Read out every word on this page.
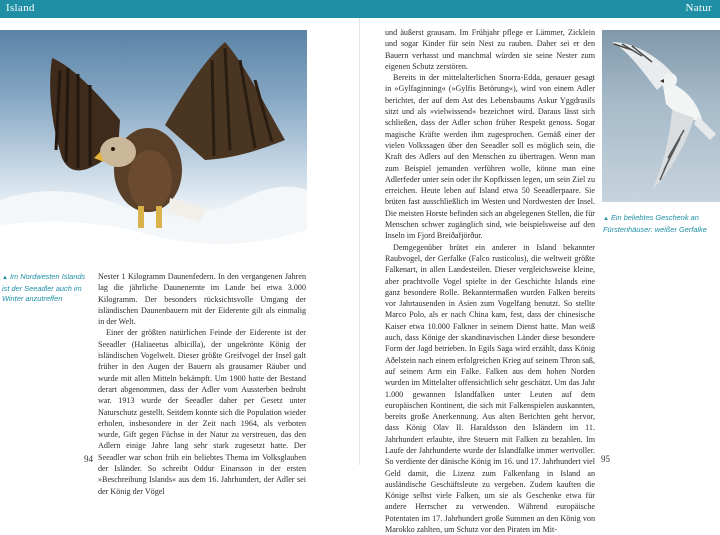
Island	Natur
▲ Im Nordwesten Islands ist der Seeadler auch im Winter anzutreffen

Nester 1 Kilogramm Daunenfedern. In den vergangenen Jahren lag die jährliche Daunenernte im Lande bei etwa 3.000 Kilogramm. Der besonders rücksichtsvolle Umgang der isländischen Daunenbauern mit der Eiderente gilt als einmalig in der Welt.

Einer der größten natürlichen Feinde der Eiderente ist der Seeadler (Haliaeetus albicilla), der ungekrönte König der isländischen Vogelwelt. Dieser größte Greifvogel der Insel galt früher in den Augen der Bauern als grausamer Räuber und wurde mit allen Mitteln bekämpft. Um 1900 hatte der Bestand derart abgenommen, dass der Adler vom Aussterben bedroht war. 1913 wurde der Seeadler daher per Gesetz unter Naturschutz gestellt. Seitdem konnte sich die Population wieder erholen, insbesondere in der Zeit nach 1964, als verboten wurde, Gift gegen Füchse in der Natur zu verstreuen, das den Adlern einige Jahre lang sehr stark zugesetzt hatte. Der Seeadler war schon früh ein beliebtes Thema im Volksglauben der Isländer. So schreibt Oddur Einarsson in der ersten »Beschreibung Islands« aus dem 16. Jahrhundert, der Adler sei der König der Vögel

94

und äußerst grausam. Im Frühjahr pflege er Lämmer, Zicklein und sogar Kinder für sein Nest zu rauben. Daher sei er den Bauern verhasst und manchmal würden sie seine Nester zum eigenen Schutz zerstören.

Bereits in der mittelalterlichen Snorra-Edda, genauer gesagt in »Gylfaginning« (»Gylfis Betörung«), wird von einem Adler berichtet, der auf dem Ast des Lebensbaums Askur Yggdrasils sitzt und als »vielwissend« bezeichnet wird. Daraus lässt sich schließen, dass der Adler schon früher Respekt genoss. Sogar magische Kräfte werden ihm zugesprochen. Gemäß einer der vielen Volkssagen über den Seeadler soll es möglich sein, die Kraft des Adlers auf den Menschen zu übertragen. Wenn man zum Beispiel jemanden verführen wolle, könne man eine Adlerfeder unter sein oder ihr Kopfkissen legen, um sein Ziel zu erreichen. Heute leben auf Island etwa 50 Seeadlerpaare. Sie brüten fast ausschließlich im Westen und Nordwesten der Insel. Die meisten Horste befinden sich an abgelegenen Stellen, die für Menschen schwer zugänglich sind, wie beispielsweise auf den Inseln im Fjord Breiðafjörður.

Demgegenüber brütet ein anderer in Island bekannter Raubvogel, der Gerfalke (Falco rusticolus), die weltweit größte Falkenart, in allen Landesteilen. Dieser vergleichsweise kleine, aber prachtvolle Vogel spielte in der Geschichte Islands eine ganz besondere Rolle. Bekanntermaßen wurden Falken bereits vor Jahrtausenden in Asien zum Vogelfang benutzt. So stellte Marco Polo, als er nach China kam, fest, dass der chinesische Kaiser etwa 10.000 Falkner in seinem Dienst hatte. Man weiß auch, dass Könige der skandinavischen Länder diese besondere Form der Jagd betrieben. In Egils Saga wird erzählt, dass König Aðelstein nach einem erfolgreichen Krieg auf seinem Thron saß, auf seinem Arm ein Falke. Falken aus dem hohen Norden wurden im Mittelalter offensichtlich sehr geschätzt. Um das Jahr 1.000 gewannen Islandfalken unter Leuten auf dem europäischen Kontinent, die sich mit Falkenspielen auskannten, bereits große Anerkennung. Aus alten Berichten geht hervor, dass König Olav II. Haraldsson den Isländern im 11. Jahrhundert erlaubte, ihre Steuern mit Falken zu bezahlen. Im Laufe der Jahrhunderte wurde der Islandfalke immer wertvoller. So verdiente der dänische König im 16. und 17. Jahrhundert viel Geld damit, die Lizenz zum Falkenfang in Island an ausländische Geschäftsleute zu vergeben. Zudem kauften die Könige selbst viele Falken, um sie als Geschenke etwa für andere Herrscher zu verwenden. Während europäische Potentaten im 17. Jahrhundert große Summen an den König von Marokko zahlten, um Schutz vor den Piraten im Mit-

▲ Ein beliebtes Geschenk an Fürstenhäuser: weißer Gerfalke
95
